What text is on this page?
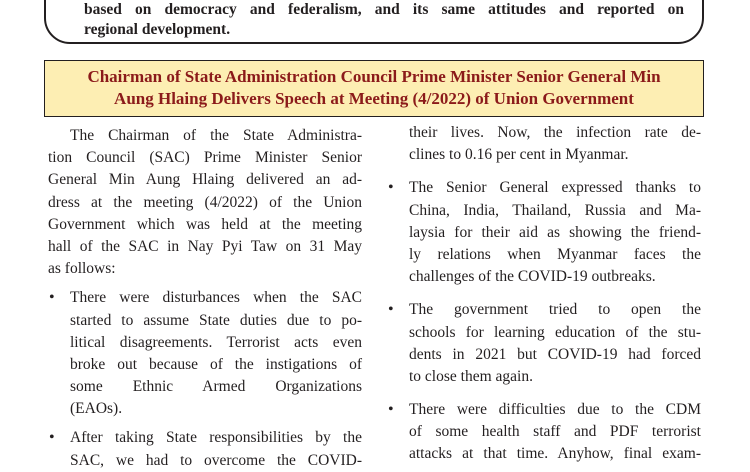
based on democracy and federalism, and its same attitudes and reported on
regional development.
Chairman of State Administration Council Prime Minister Senior General Min
Aung Hlaing Delivers Speech at Meeting (4/2022) of Union Government
The Chairman of the State Administra-
tion Council (SAC) Prime Minister Senior
General Min Aung Hlaing delivered an ad-
dress at the meeting (4/2022) of the Union
Government which was held at the meeting
hall of the SAC in Nay Pyi Taw on 31 May
as follows:
• There were disturbances when the SAC
started to assume State duties due to po-
litical disagreements. Terrorist acts even
broke out because of the instigations of
some Ethnic Armed Organizations
(EAOs).
• After taking State responsibilities by the
SAC, we had to overcome the COVID-
their lives. Now, the infection rate de-
clines to 0.16 per cent in Myanmar.
• The Senior General expressed thanks to
China, India, Thailand, Russia and Ma-
laysia for their aid as showing the friend-
ly relations when Myanmar faces the
challenges of the COVID-19 outbreaks.
• The government tried to open the
schools for learning education of the stu-
dents in 2021 but COVID-19 had forced
to close them again.
• There were difficulties due to the CDM
of some health staff and PDF terrorist
attacks at that time. Anyhow, final exam-
